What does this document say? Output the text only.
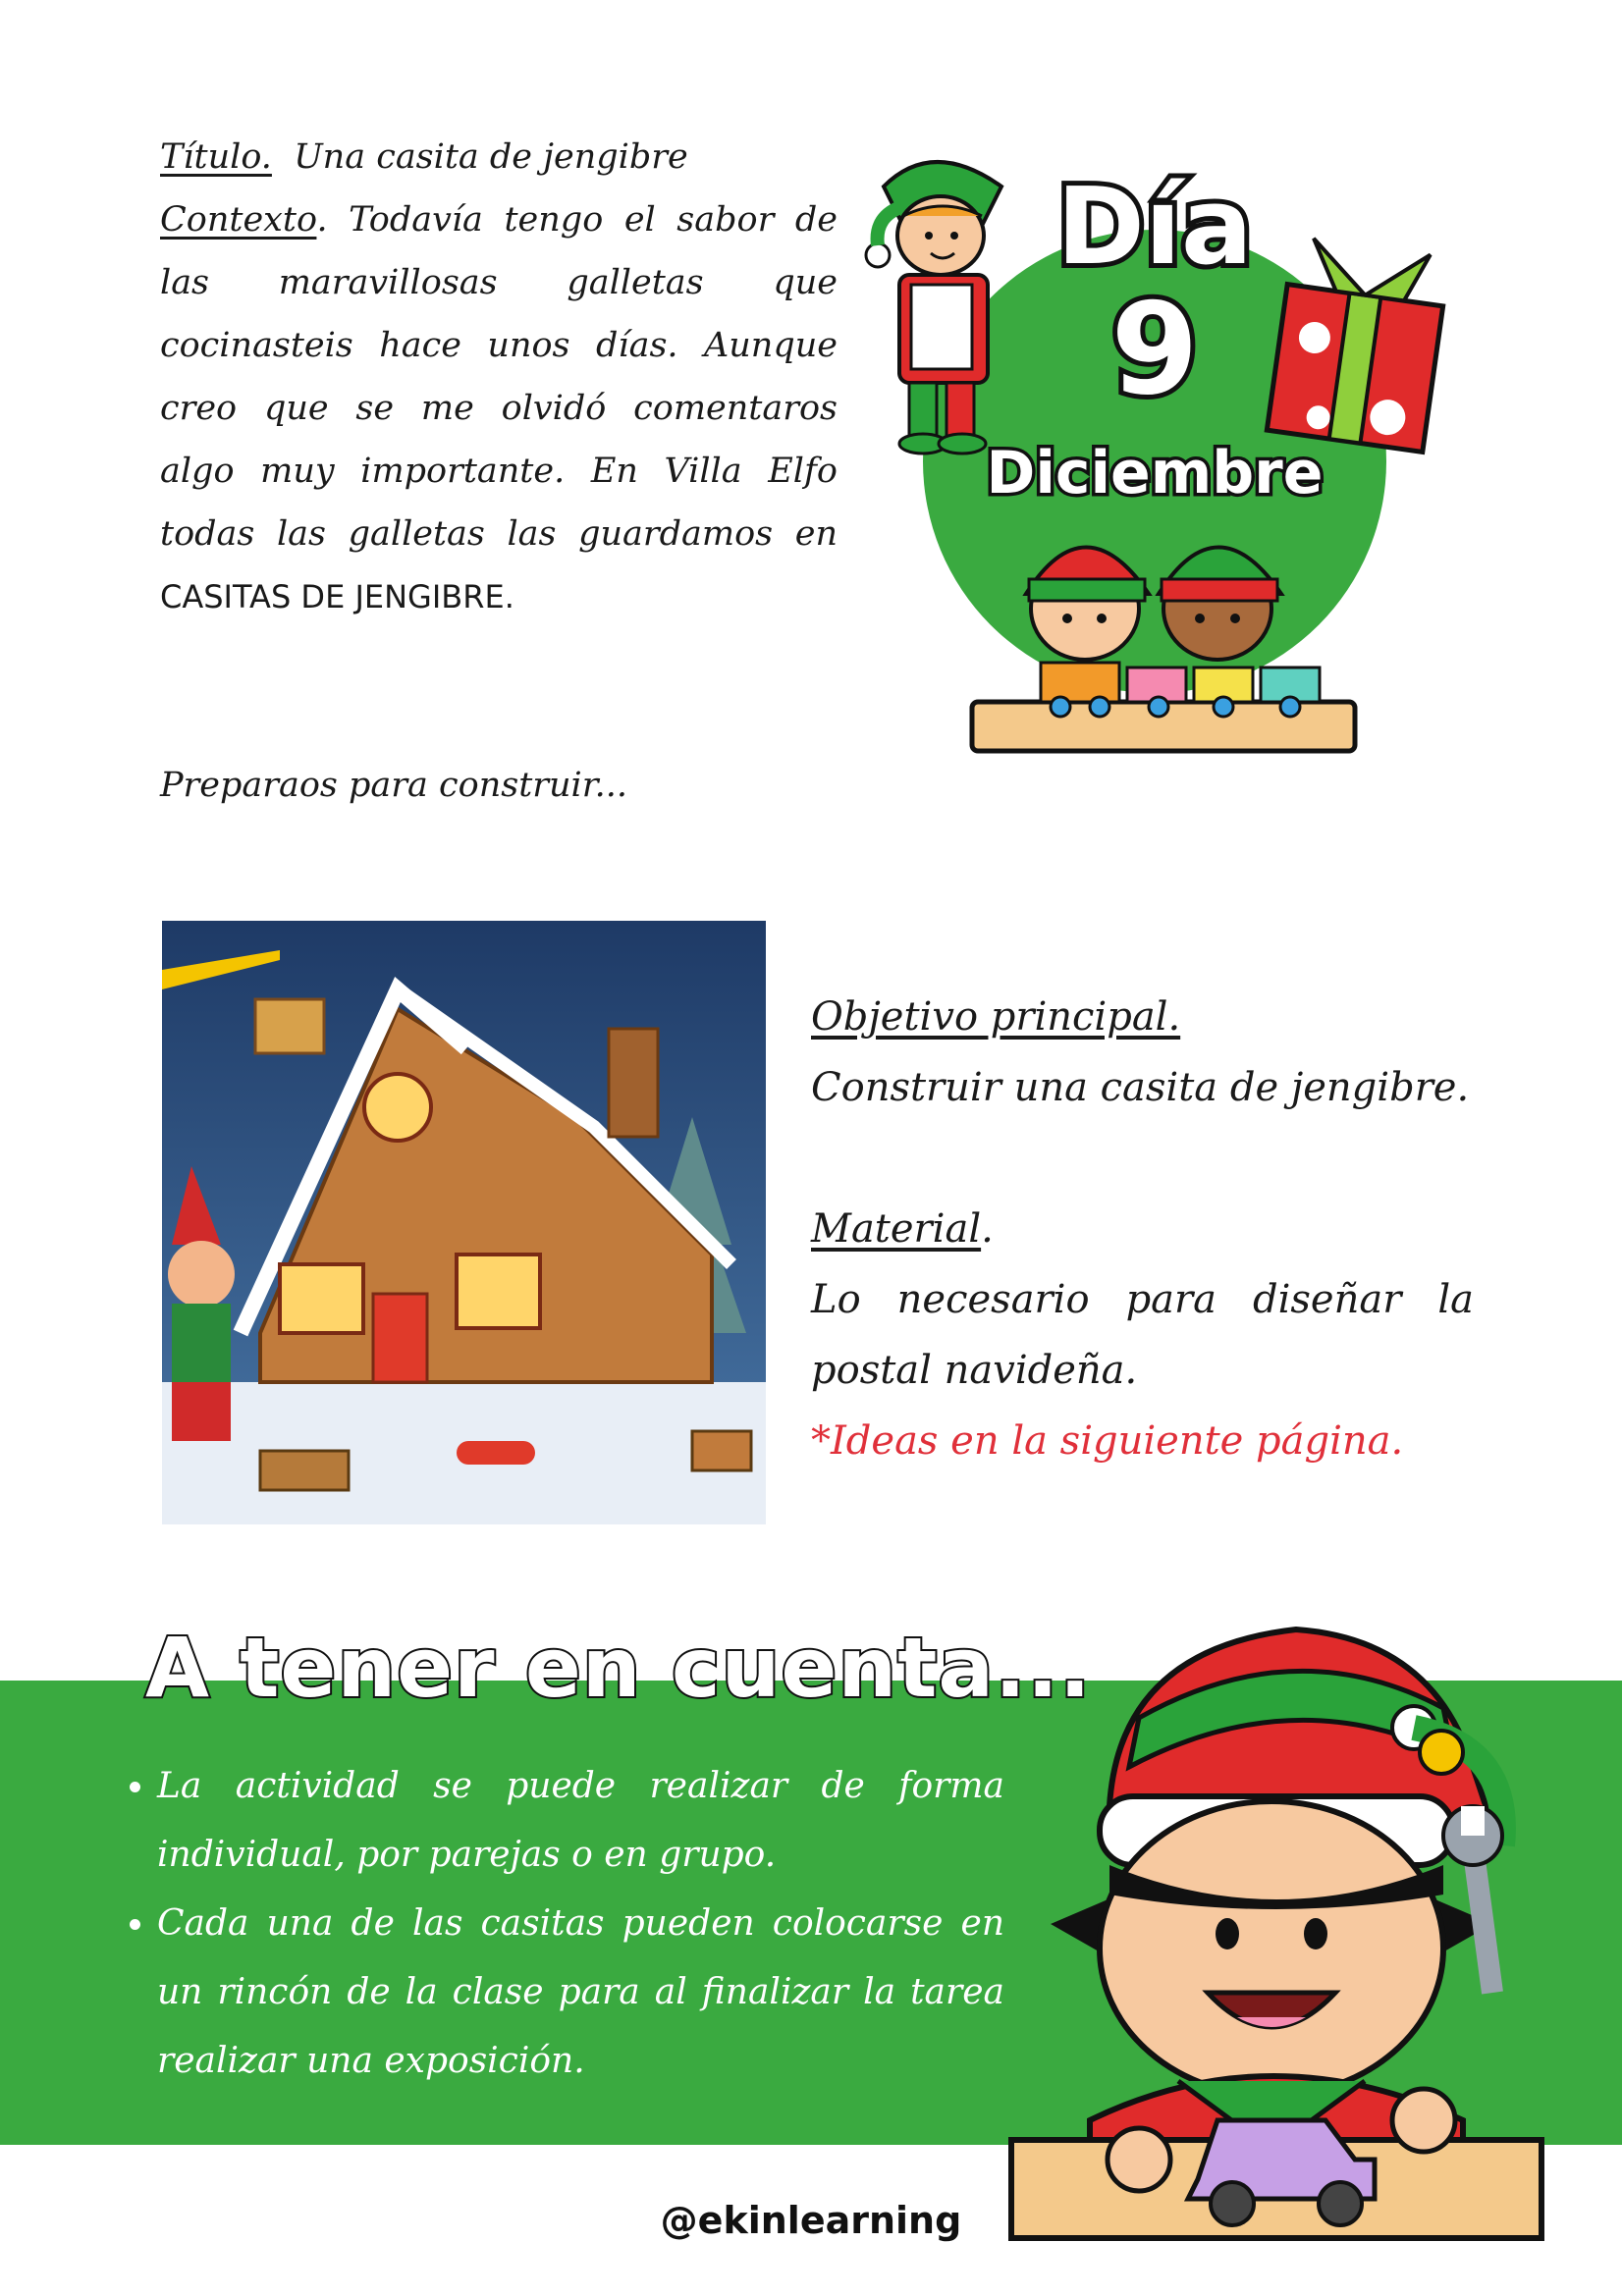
Título. Una casita de jengibre

Contexto. Todavía tengo el sabor de las maravillosas galletas que cocinasteis hace unos días. Aunque creo que se me olvidó comentaros algo muy importante. En Villa Elfo todas las galletas las guardamos en CASITAS DE JENGIBRE.

Preparaos para construir...
Día
9
Diciembre

Objetivo principal.

Construir una casita de jengibre.

Material.

Lo necesario para diseñar la postal navideña.

*Ideas en la siguiente página.

A tener en cuenta...
• La actividad se puede realizar de forma individual, por parejas o en grupo.
• Cada una de las casitas pueden colocarse en un rincón de la clase para al finalizar la tarea realizar una exposición.
@ekinlearning
